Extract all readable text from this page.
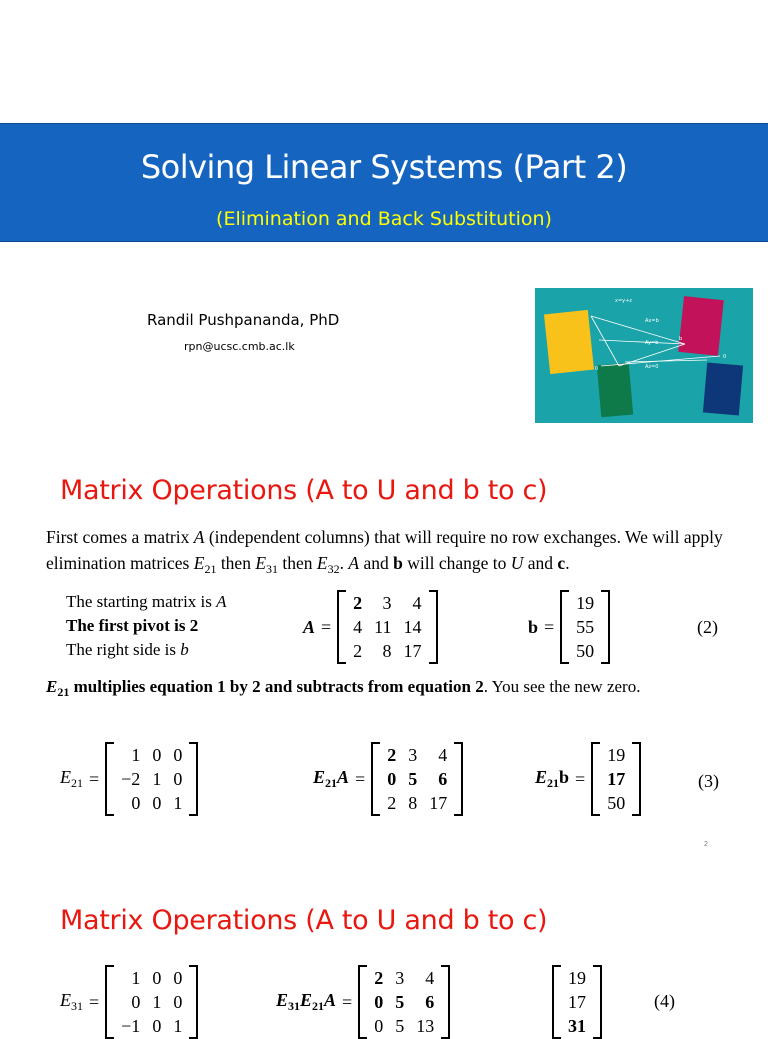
Solving Linear Systems (Part 2)
(Elimination and Back Substitution)
Randil Pushpananda, PhD
rpn@ucsc.cmb.ac.lk
x=y+z
Ax=b
Ay=b
Az=0
0
b
0
Matrix Operations (A to U and b to c)
First comes a matrix A (independent columns) that will require no row exchanges. We will apply elimination matrices $E_{21}$ then $E_{31}$ then $E_{32}$. A and b will change to U and c.
The starting matrix is A
The first pivot is 2
The right side is b
A =
2	3	4
4	11	14
2	8	17
b =
19
55
50
(2)
$E_{21}$ multiplies equation 1 by 2 and subtracts from equation 2. You see the new zero.
$E_{21}$ =
1	0	0
−2	1	0
0	0	1
$E_{21}A$ =
2	3	4
0	5	6
2	8	17
$E_{21}b$ =
19
17
50
(3)
2
Matrix Operations (A to U and b to c)
$E_{31}$ =
1	0	0
0	1	0
−1	0	1
$E_{31}E_{21}A$ =
2	3	4
0	5	6
0	5	13
19
17
31
(4)
